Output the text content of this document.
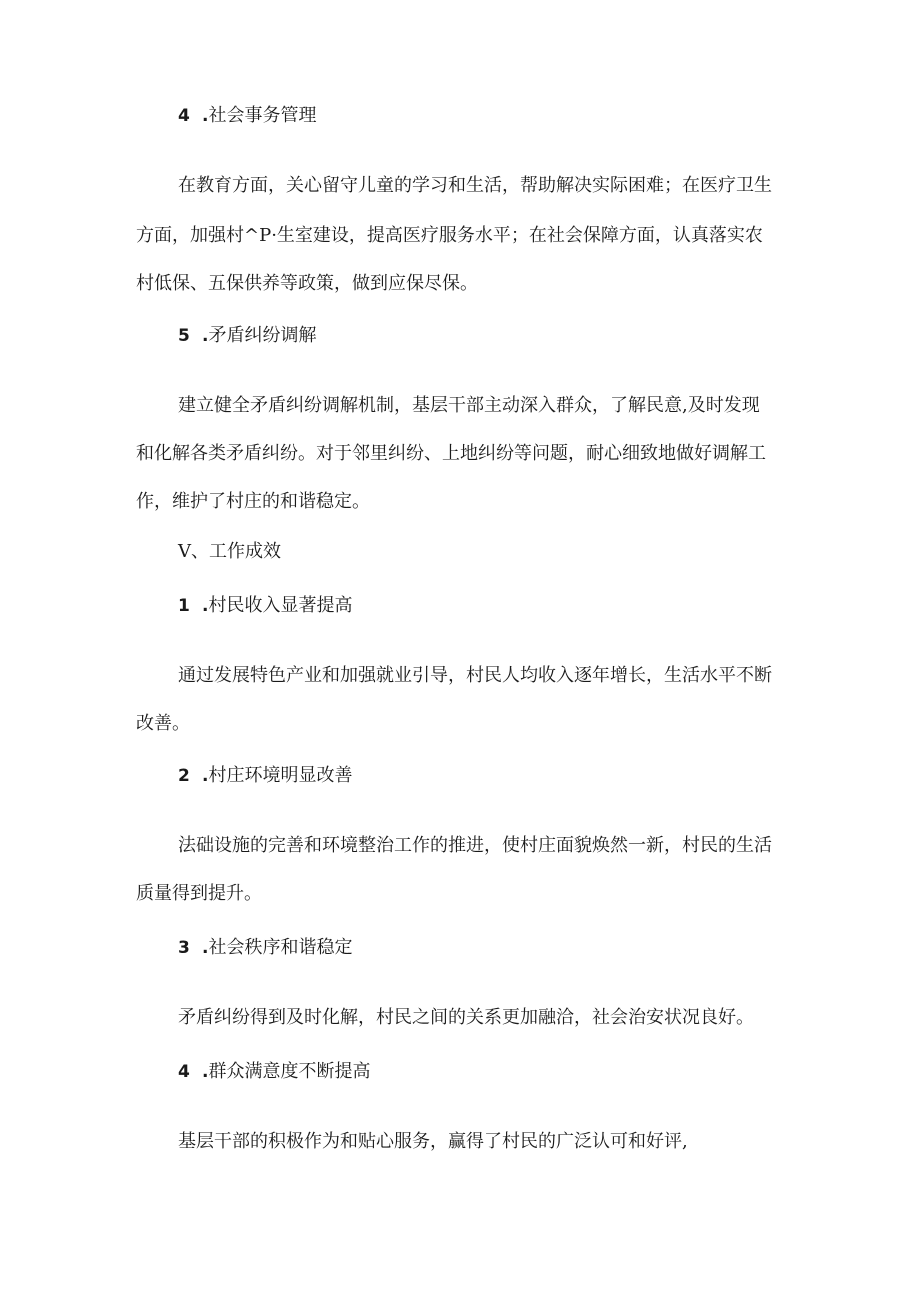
4 .社会事务管理
在教育方面，关心留守儿童的学习和生活，帮助解决实际困难；在医疗卫生
方面，加强村^P·生室建设，提高医疗服务水平；在社会保障方面，认真落实农
村低保、五保供养等政策，做到应保尽保。
5 .矛盾纠纷调解
建立健全矛盾纠纷调解机制，基层干部主动深入群众，了解民意,及时发现
和化解各类矛盾纠纷。对于邻里纠纷、上地纠纷等问题，耐心细致地做好调解工
作，维护了村庄的和谐稳定。
V、工作成效
1 .村民收入显著提高
通过发展特色产业和加强就业引导，村民人均收入逐年增长，生活水平不断
改善。
2 .村庄环境明显改善
法础设施的完善和环境整治工作的推进，使村庄面貌焕然一新，村民的生活
质量得到提升。
3 .社会秩序和谐稳定
矛盾纠纷得到及时化解，村民之间的关系更加融洽，社会治安状况良好。
4 .群众满意度不断提高
基层干部的积极作为和贴心服务，赢得了村民的广泛认可和好评,
